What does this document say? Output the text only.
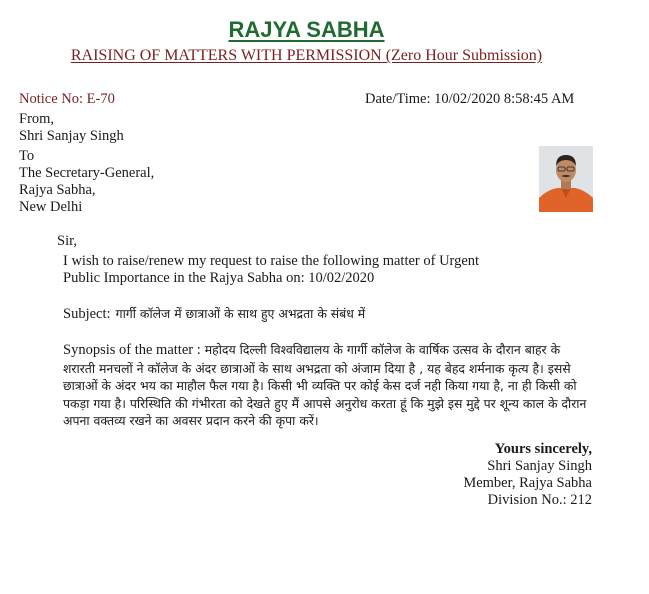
RAJYA SABHA
RAISING OF MATTERS WITH PERMISSION (Zero Hour Submission)
Notice No: E-70	Date/Time: 10/02/2020 8:58:45 AM
From,
Shri Sanjay Singh
To
The Secretary-General,
Rajya Sabha,
New Delhi
Sir,
I wish to raise/renew my request to raise the following matter of Urgent
Public Importance in the Rajya Sabha on: 10/02/2020
Subject: गार्गी कॉलेज में छात्राओं के साथ हुए अभद्रता के संबंध में
Synopsis of the matter : महोदय दिल्ली विश्वविद्यालय के गार्गी कॉलेज के वार्षिक उत्सव के दौरान बाहर के शरारती मनचलों ने कॉलेज के अंदर छात्राओं के साथ अभद्रता को अंजाम दिया है , यह बेहद शर्मनाक कृत्य है। इससे छात्राओं के अंदर भय का माहौल फैल गया है। किसी भी व्यक्ति पर कोई केस दर्ज नही किया गया है, ना ही किसी को पकड़ा गया है। परिस्थिति की गंभीरता को देखते हुए मैं आपसे अनुरोध करता हूं कि मुझे इस मुद्दे पर शून्य काल के दौरान अपना वक्तव्य रखने का अवसर प्रदान करने की कृपा करें।
Yours sincerely,
Shri Sanjay Singh
Member, Rajya Sabha
Division No.: 212
